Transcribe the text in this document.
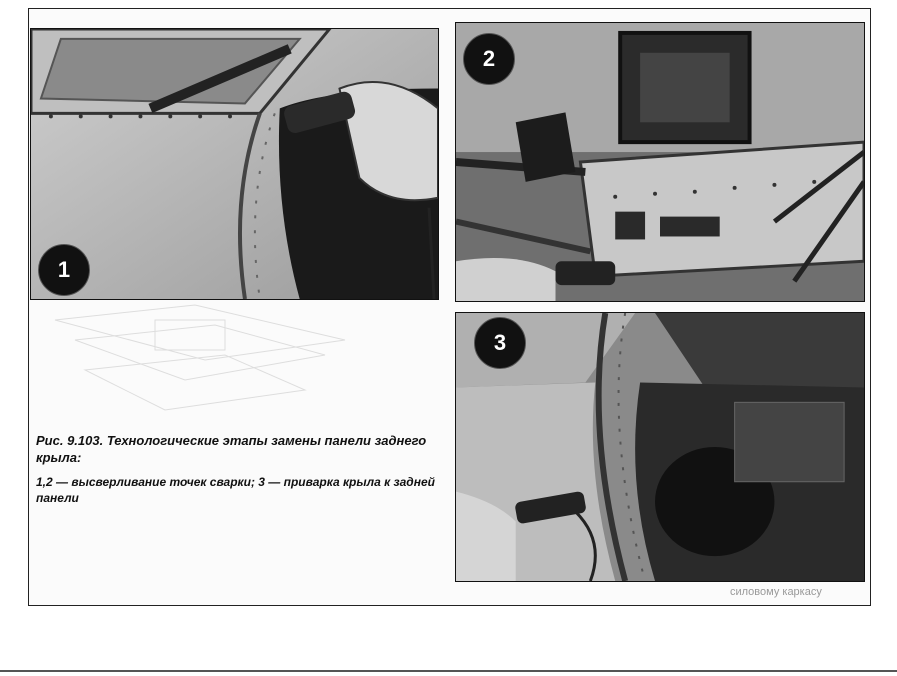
1
2
3

Рис. 9.103. Технологические этапы замены панели заднего крыла:

1,2 — высверливание точек сварки; 3 — приварка крыла к задней панели

силовому каркасу
